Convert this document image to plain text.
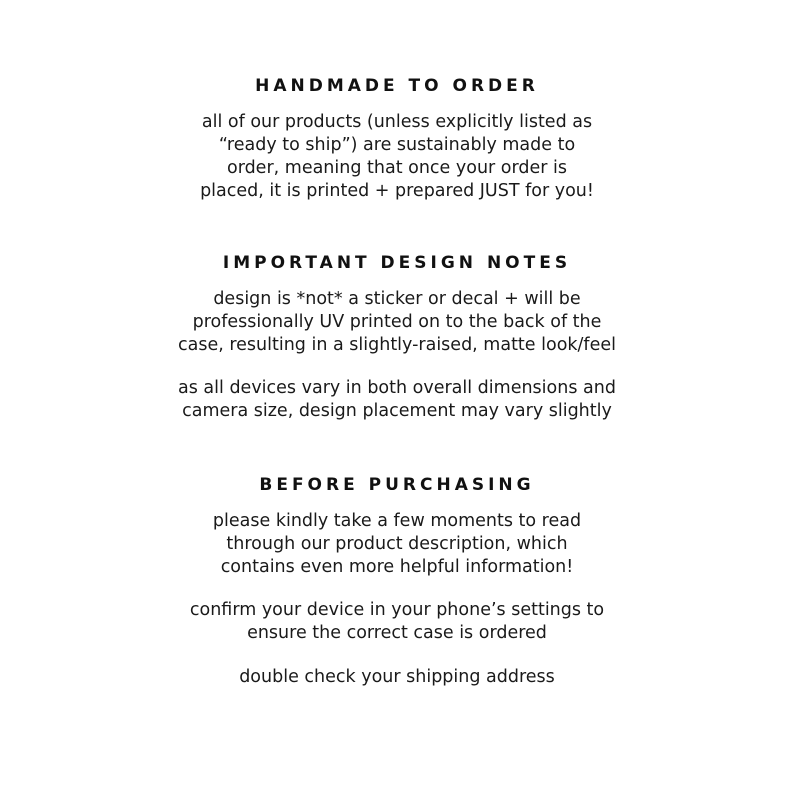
HANDMADE TO ORDER
all of our products (unless explicitly listed as
“ready to ship”) are sustainably made to
order, meaning that once your order is
placed, it is printed + prepared JUST for you!
IMPORTANT DESIGN NOTES
design is *not* a sticker or decal + will be
professionally UV printed on to the back of the
case, resulting in a slightly-raised, matte look/feel
as all devices vary in both overall dimensions and
camera size, design placement may vary slightly
BEFORE PURCHASING
please kindly take a few moments to read
through our product description, which
contains even more helpful information!
confirm your device in your phone’s settings to
ensure the correct case is ordered
double check your shipping address
